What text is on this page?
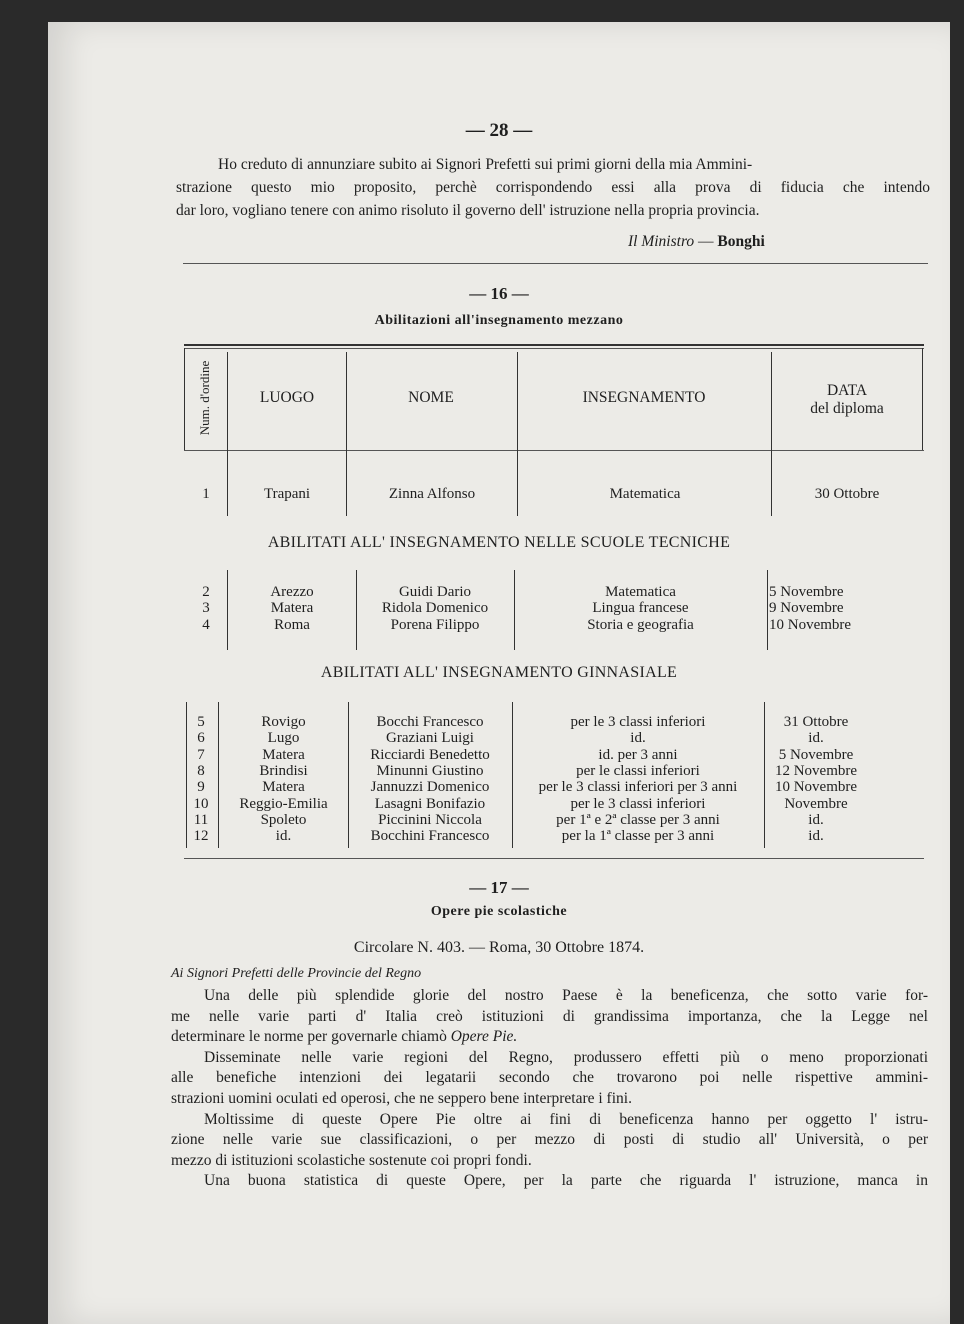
— 28 —
Ho creduto di annunziare subito ai Signori Prefetti sui primi giorni della mia Ammini-
strazione questo mio proposito, perchè corrispondendo essi alla prova di fiducia che intendo
dar loro, vogliano tenere con animo risoluto il governo dell' istruzione nella propria provincia.
Il Ministro — Bonghi
— 16 —
Abilitazioni all'insegnamento mezzano
Num. d'ordine	LUOGO	NOME	INSEGNAMENTO	DATA
del diploma
1	Trapani	Zinna Alfonso	Matematica	30 Ottobre
ABILITATI ALL' INSEGNAMENTO NELLE SCUOLE TECNICHE
2	Arezzo	Guidi Dario	Matematica	5 Novembre
3	Matera	Ridola Domenico	Lingua francese	9 Novembre
4	Roma	Porena Filippo	Storia e geografia	10 Novembre
ABILITATI ALL' INSEGNAMENTO GINNASIALE
5	Rovigo	Bocchi Francesco	per le 3 classi inferiori	31 Ottobre
6	Lugo	Graziani Luigi	id.	id.
7	Matera	Ricciardi Benedetto	id. per 3 anni	5 Novembre
8	Brindisi	Minunni Giustino	per le classi inferiori	12 Novembre
9	Matera	Jannuzzi Domenico	per le 3 classi inferiori per 3 anni	10 Novembre
10	Reggio-Emilia	Lasagni Bonifazio	per le 3 classi inferiori	Novembre
11	Spoleto	Piccinini Niccola	per 1ª e 2ª classe per 3 anni	id.
12	id.	Bocchini Francesco	per la 1ª classe per 3 anni	id.
— 17 —
Opere pie scolastiche
Circolare N. 403. — Roma, 30 Ottobre 1874.
Ai Signori Prefetti delle Provincie del Regno
Una delle più splendide glorie del nostro Paese è la beneficenza, che sotto varie for-
me nelle varie parti d' Italia creò istituzioni di grandissima importanza, che la Legge nel
determinare le norme per governarle chiamò Opere Pie.
Disseminate nelle varie regioni del Regno, produssero effetti più o meno proporzionati
alle benefiche intenzioni dei legatarii secondo che trovarono poi nelle rispettive ammini-
strazioni uomini oculati ed operosi, che ne seppero bene interpretare i fini.
Moltissime di queste Opere Pie oltre ai fini di beneficenza hanno per oggetto l' istru-
zione nelle varie sue classificazioni, o per mezzo di posti di studio all' Università, o per
mezzo di istituzioni scolastiche sostenute coi propri fondi.
Una buona statistica di queste Opere, per la parte che riguarda l' istruzione, manca in
